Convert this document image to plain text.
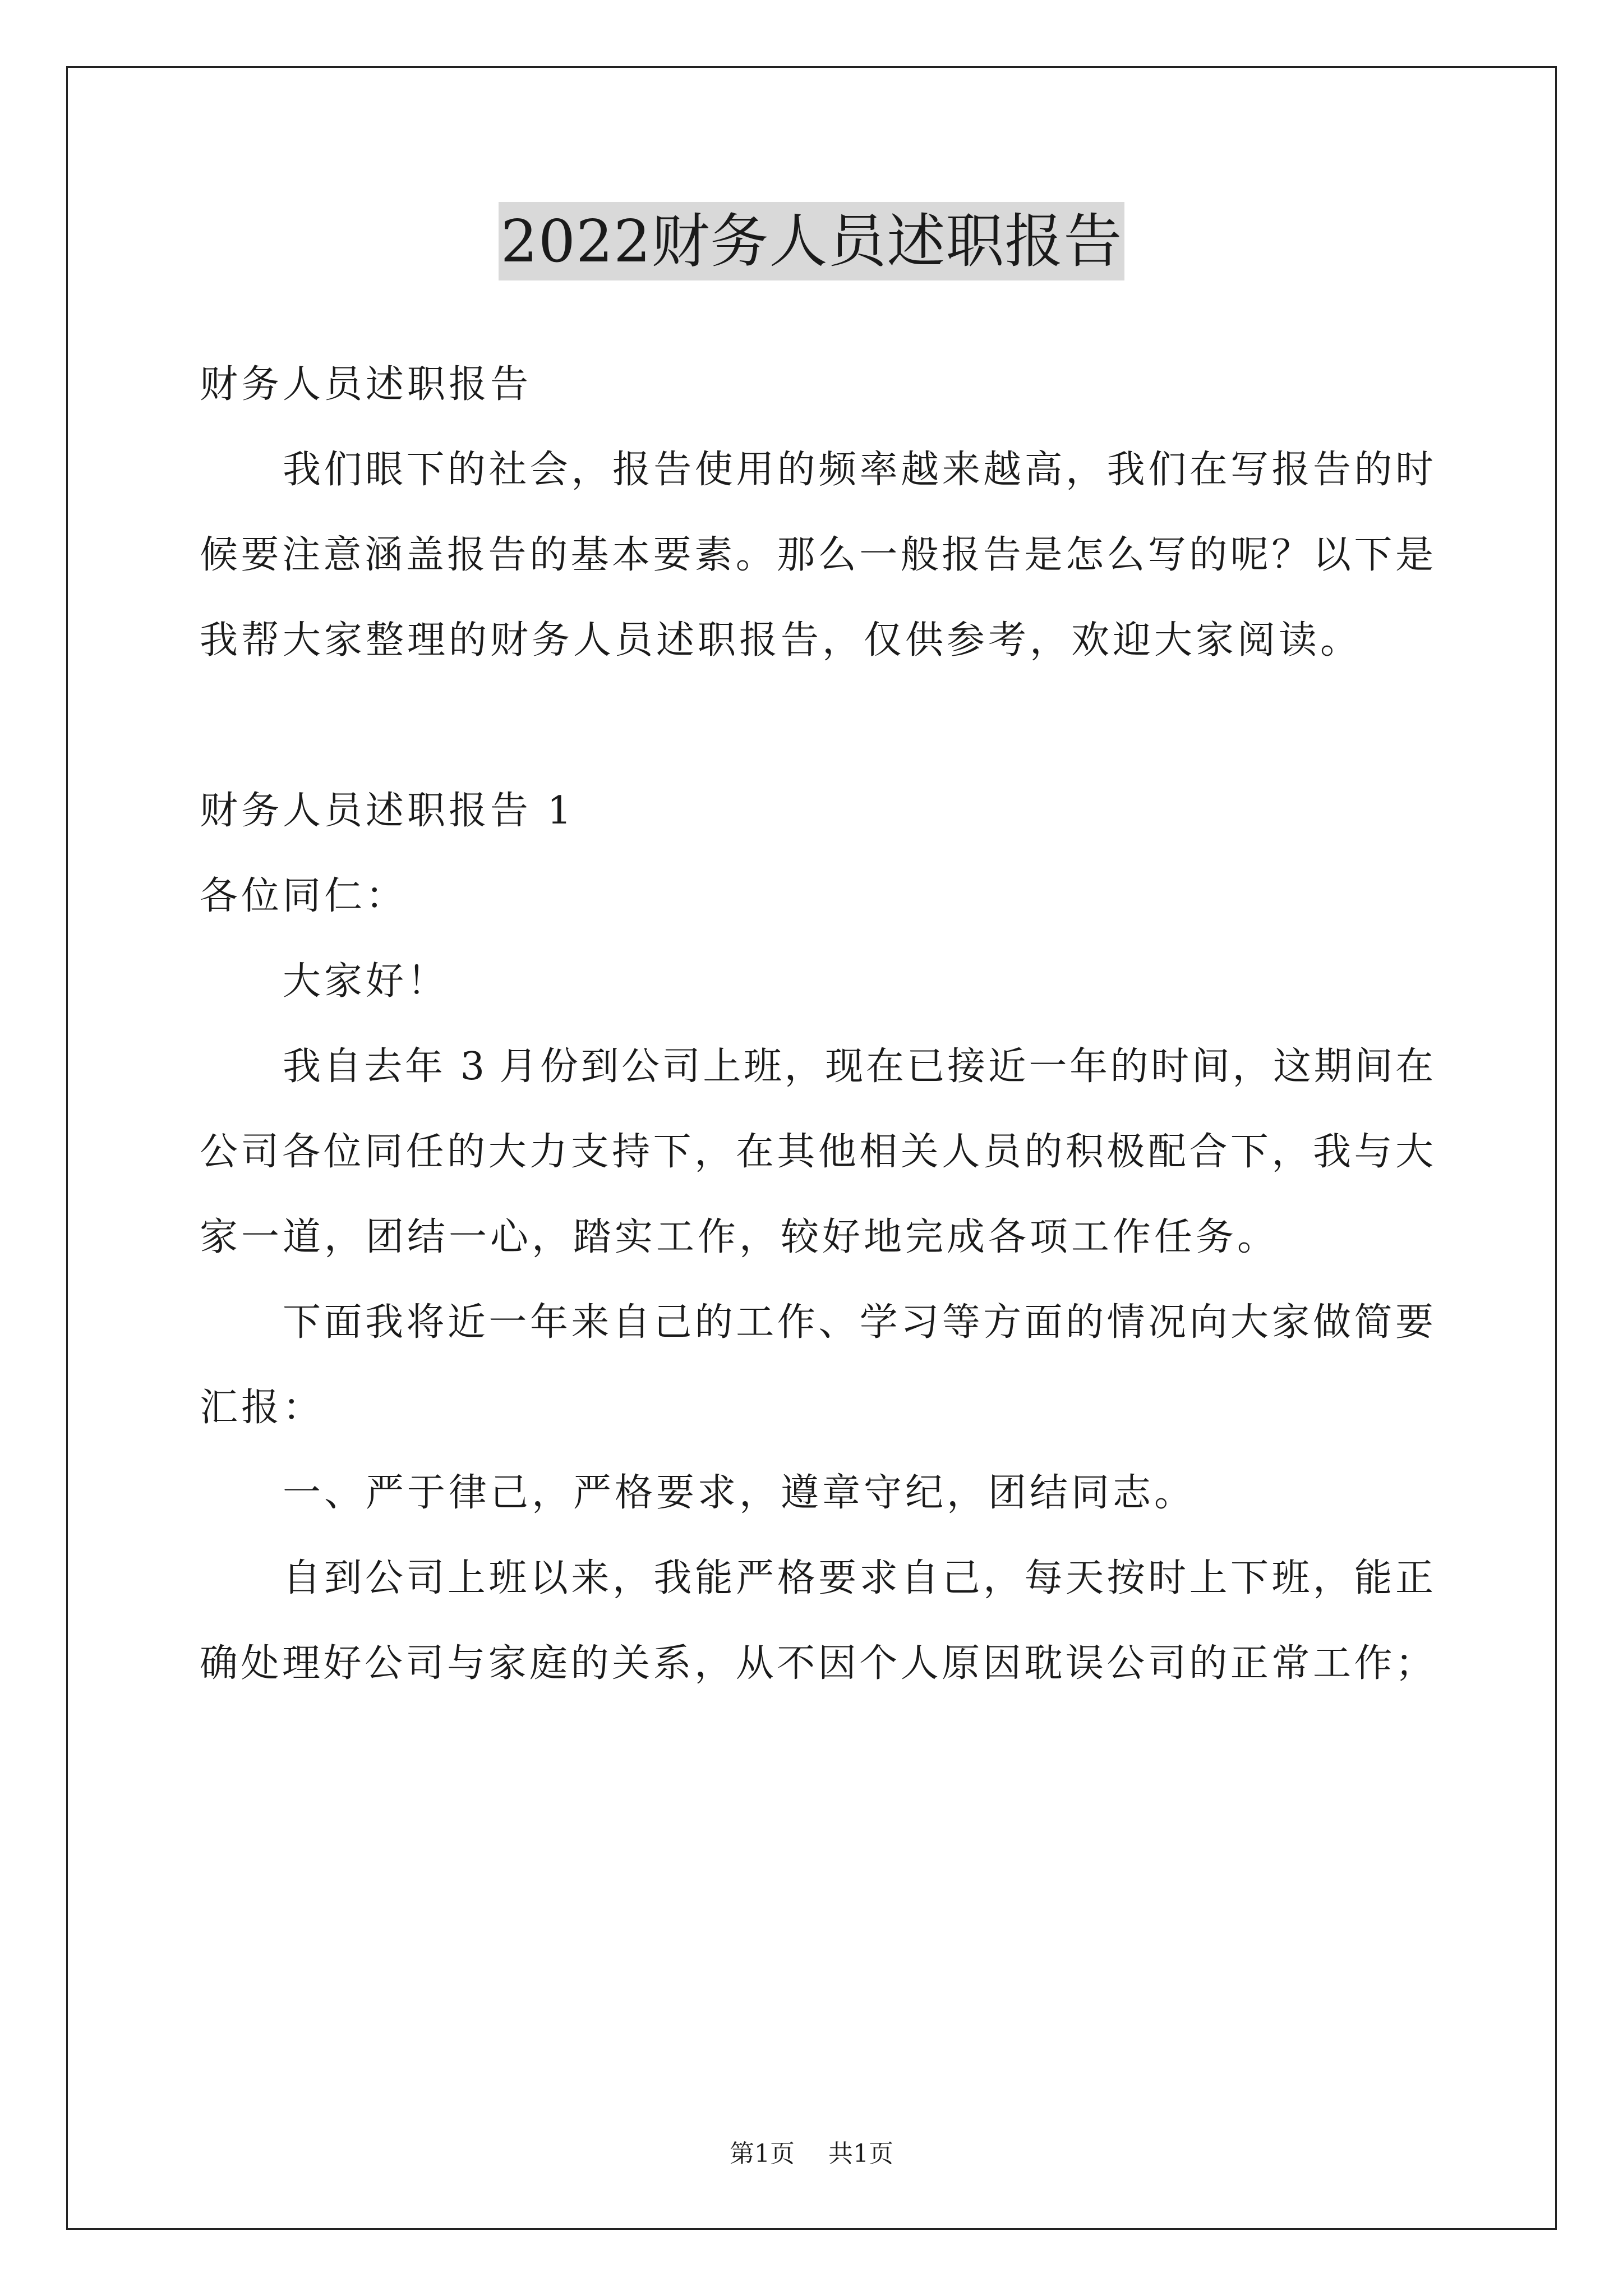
2022财务人员述职报告
财务人员述职报告
我们眼下的社会，报告使用的频率越来越高，我们在写报告的时
候要注意涵盖报告的基本要素。那么一般报告是怎么写的呢？以下是
我帮大家整理的财务人员述职报告，仅供参考，欢迎大家阅读。
财务人员述职报告 1
各位同仁：
大家好！
我自去年 3 月份到公司上班，现在已接近一年的时间，这期间在
公司各位同任的大力支持下，在其他相关人员的积极配合下，我与大
家一道，团结一心，踏实工作，较好地完成各项工作任务。
下面我将近一年来自己的工作、学习等方面的情况向大家做简要
汇报：
一、严于律己，严格要求，遵章守纪，团结同志。
自到公司上班以来，我能严格要求自己，每天按时上下班，能正
确处理好公司与家庭的关系，从不因个人原因耽误公司的正常工作；
第1页 共1页
